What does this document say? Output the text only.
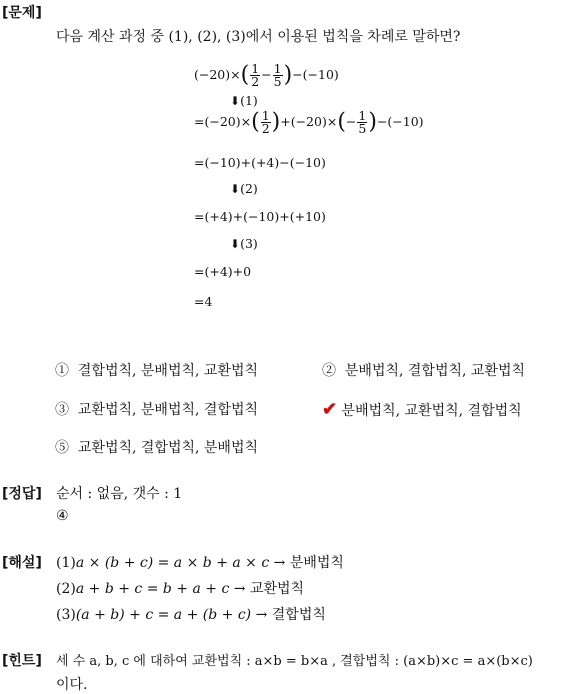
[문제]
다음 계산 과정 중 (1), (2), (3)에서 이용된 법칙을 차례로 말하면?
$(-20)\times( \frac{1}{2} - \frac{1}{5} )-(-10)$
⬇(1)
$=(-20)\times( \frac{1}{2} )+(-20)\times(- \frac{1}{5} )-(-10)$
=(−10)+(+4)−(−10)
⬇(2)
=(+4)+(−10)+(+10)
⬇(3)
=(+4)+0
=4
① 결합법칙, 분배법칙, 교환법칙	② 분배법칙, 결합법칙, 교환법칙
③ 교환법칙, 분배법칙, 결합법칙	✔ 분배법칙, 교환법칙, 결합법칙
⑤ 교환법칙, 결합법칙, 분배법칙
[정답] 순서 : 없음, 갯수 : 1
④
[해설] (1)a × (b + c) = a × b + a × c → 분배법칙
(2)a + b + c = b + a + c → 교환법칙
(3)(a + b) + c = a + (b + c) → 결합법칙
[힌트] 세 수 a, b, c 에 대하여 교환법칙 : a×b = b×a , 결합법칙 : (a×b)×c = a×(b×c)
이다.
